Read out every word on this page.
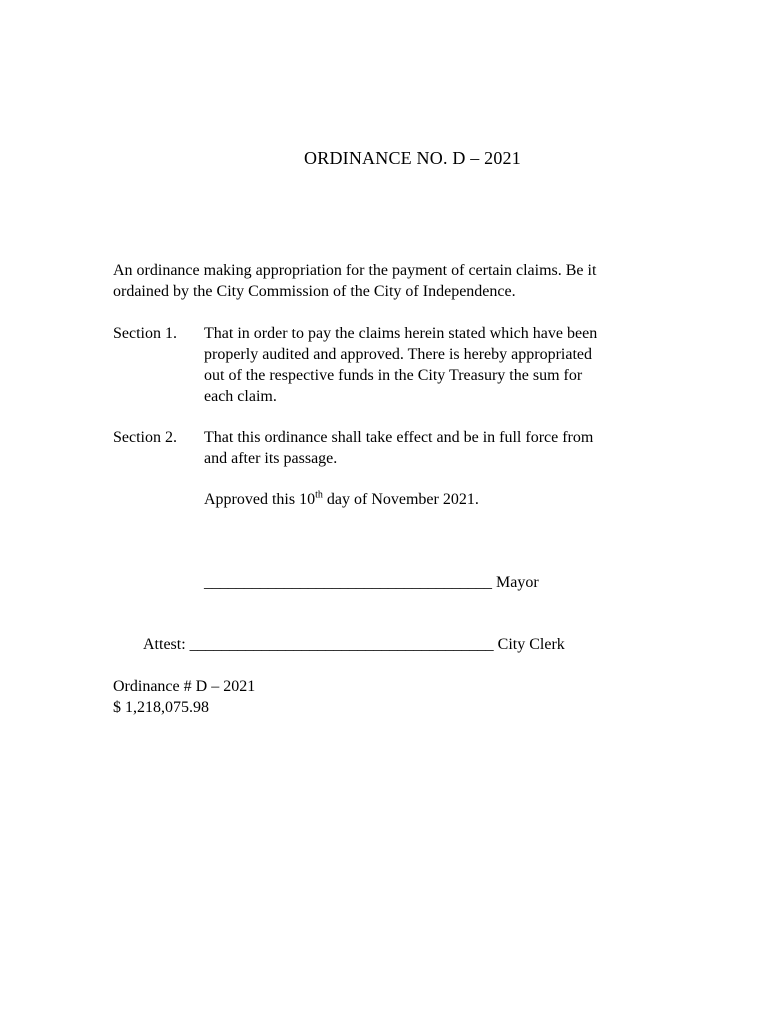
ORDINANCE NO. D – 2021
An ordinance making appropriation for the payment of certain claims. Be it
ordained by the City Commission of the City of Independence.
Section 1. That in order to pay the claims herein stated which have been
properly audited and approved. There is hereby appropriated
out of the respective funds in the City Treasury the sum for
each claim.
Section 2. That this ordinance shall take effect and be in full force from
and after its passage.
Approved this 10th day of November 2021.
____________________________________ Mayor
Attest: ______________________________________ City Clerk
Ordinance # D – 2021
$ 1,218,075.98
